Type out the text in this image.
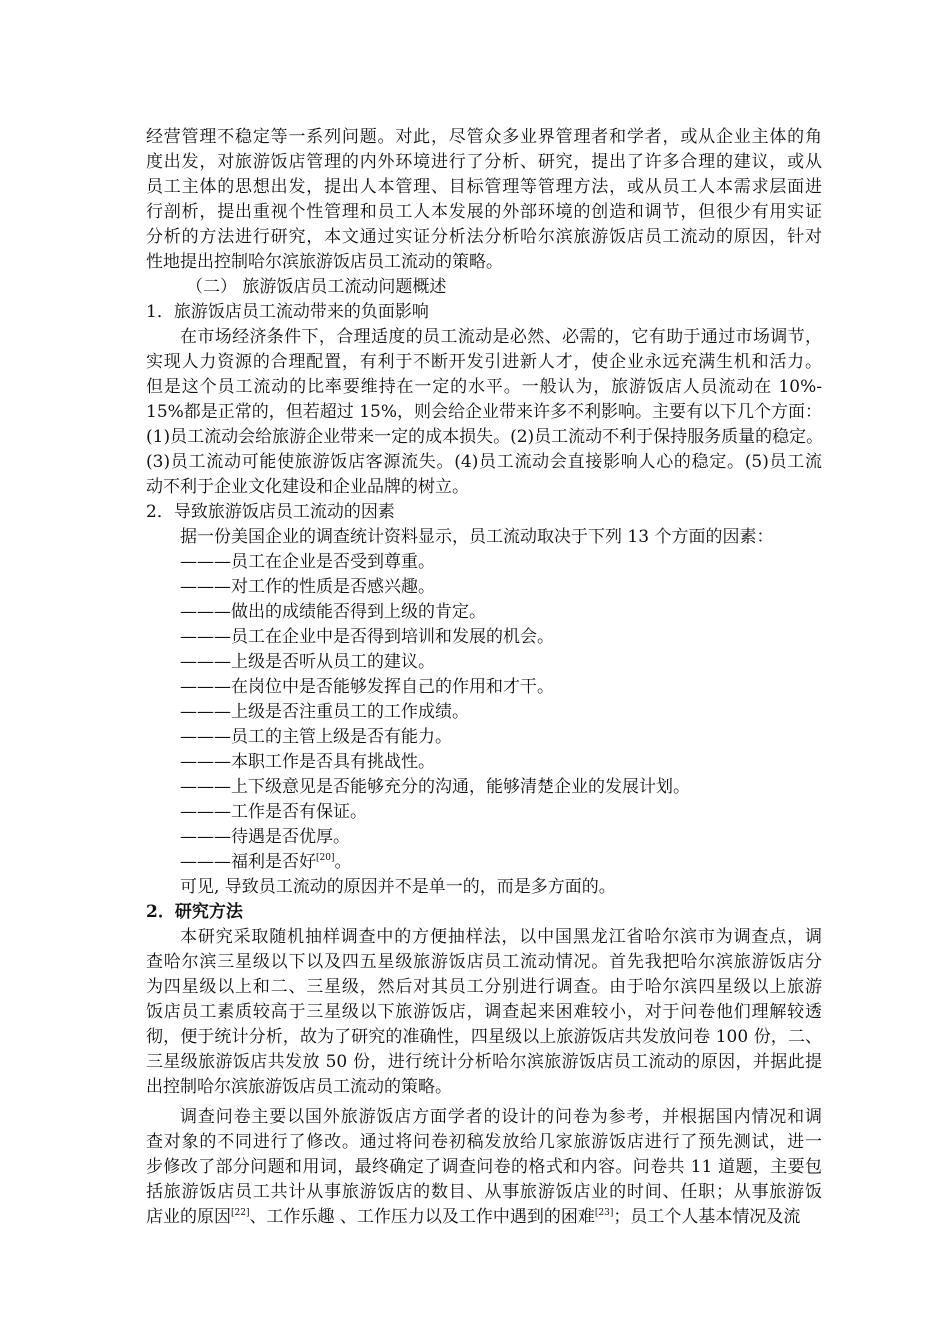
经营管理不稳定等一系列问题。对此，尽管众多业界管理者和学者，或从企业主体的角
度出发，对旅游饭店管理的内外环境进行了分析、研究，提出了许多合理的建议，或从
员工主体的思想出发，提出人本管理、目标管理等管理方法，或从员工人本需求层面进
行剖析，提出重视个性管理和员工人本发展的外部环境的创造和调节，但很少有用实证
分析的方法进行研究，本文通过实证分析法分析哈尔滨旅游饭店员工流动的原因，针对
性地提出控制哈尔滨旅游饭店员工流动的策略。
（二） 旅游饭店员工流动问题概述
1．旅游饭店员工流动带来的负面影响
在市场经济条件下，合理适度的员工流动是必然、必需的，它有助于通过市场调节，
实现人力资源的合理配置，有利于不断开发引进新人才，使企业永远充满生机和活力。
但是这个员工流动的比率要维持在一定的水平。一般认为，旅游饭店人员流动在 10%-
15%都是正常的，但若超过 15%，则会给企业带来许多不利影响。主要有以下几个方面：
(1)员工流动会给旅游企业带来一定的成本损失。(2)员工流动不利于保持服务质量的稳定。
(3)员工流动可能使旅游饭店客源流失。(4)员工流动会直接影响人心的稳定。(5)员工流
动不利于企业文化建设和企业品牌的树立。
2．导致旅游饭店员工流动的因素
据一份美国企业的调查统计资料显示，员工流动取决于下列 13 个方面的因素：
———员工在企业是否受到尊重。
———对工作的性质是否感兴趣。
———做出的成绩能否得到上级的肯定。
———员工在企业中是否得到培训和发展的机会。
———上级是否听从员工的建议。
———在岗位中是否能够发挥自己的作用和才干。
———上级是否注重员工的工作成绩。
———员工的主管上级是否有能力。
———本职工作是否具有挑战性。
———上下级意见是否能够充分的沟通，能够清楚企业的发展计划。
———工作是否有保证。
———待遇是否优厚。
———福利是否好[20]。
可见, 导致员工流动的原因并不是单一的，而是多方面的。
2．研究方法
本研究采取随机抽样调查中的方便抽样法，以中国黑龙江省哈尔滨市为调查点，调
查哈尔滨三星级以下以及四五星级旅游饭店员工流动情况。首先我把哈尔滨旅游饭店分
为四星级以上和二、三星级，然后对其员工分别进行调查。由于哈尔滨四星级以上旅游
饭店员工素质较高于三星级以下旅游饭店，调查起来困难较小，对于问卷他们理解较透
彻，便于统计分析，故为了研究的准确性，四星级以上旅游饭店共发放问卷 100 份，二、
三星级旅游饭店共发放 50 份，进行统计分析哈尔滨旅游饭店员工流动的原因，并据此提
出控制哈尔滨旅游饭店员工流动的策略。
调查问卷主要以国外旅游饭店方面学者的设计的问卷为参考，并根据国内情况和调
查对象的不同进行了修改。通过将问卷初稿发放给几家旅游饭店进行了预先测试，进一
步修改了部分问题和用词，最终确定了调查问卷的格式和内容。问卷共 11 道题，主要包
括旅游饭店员工共计从事旅游饭店的数目、从事旅游饭店业的时间、任职；从事旅游饭
店业的原因[22]、工作乐趣 、工作压力以及工作中遇到的困难[23]；员工个人基本情况及流
